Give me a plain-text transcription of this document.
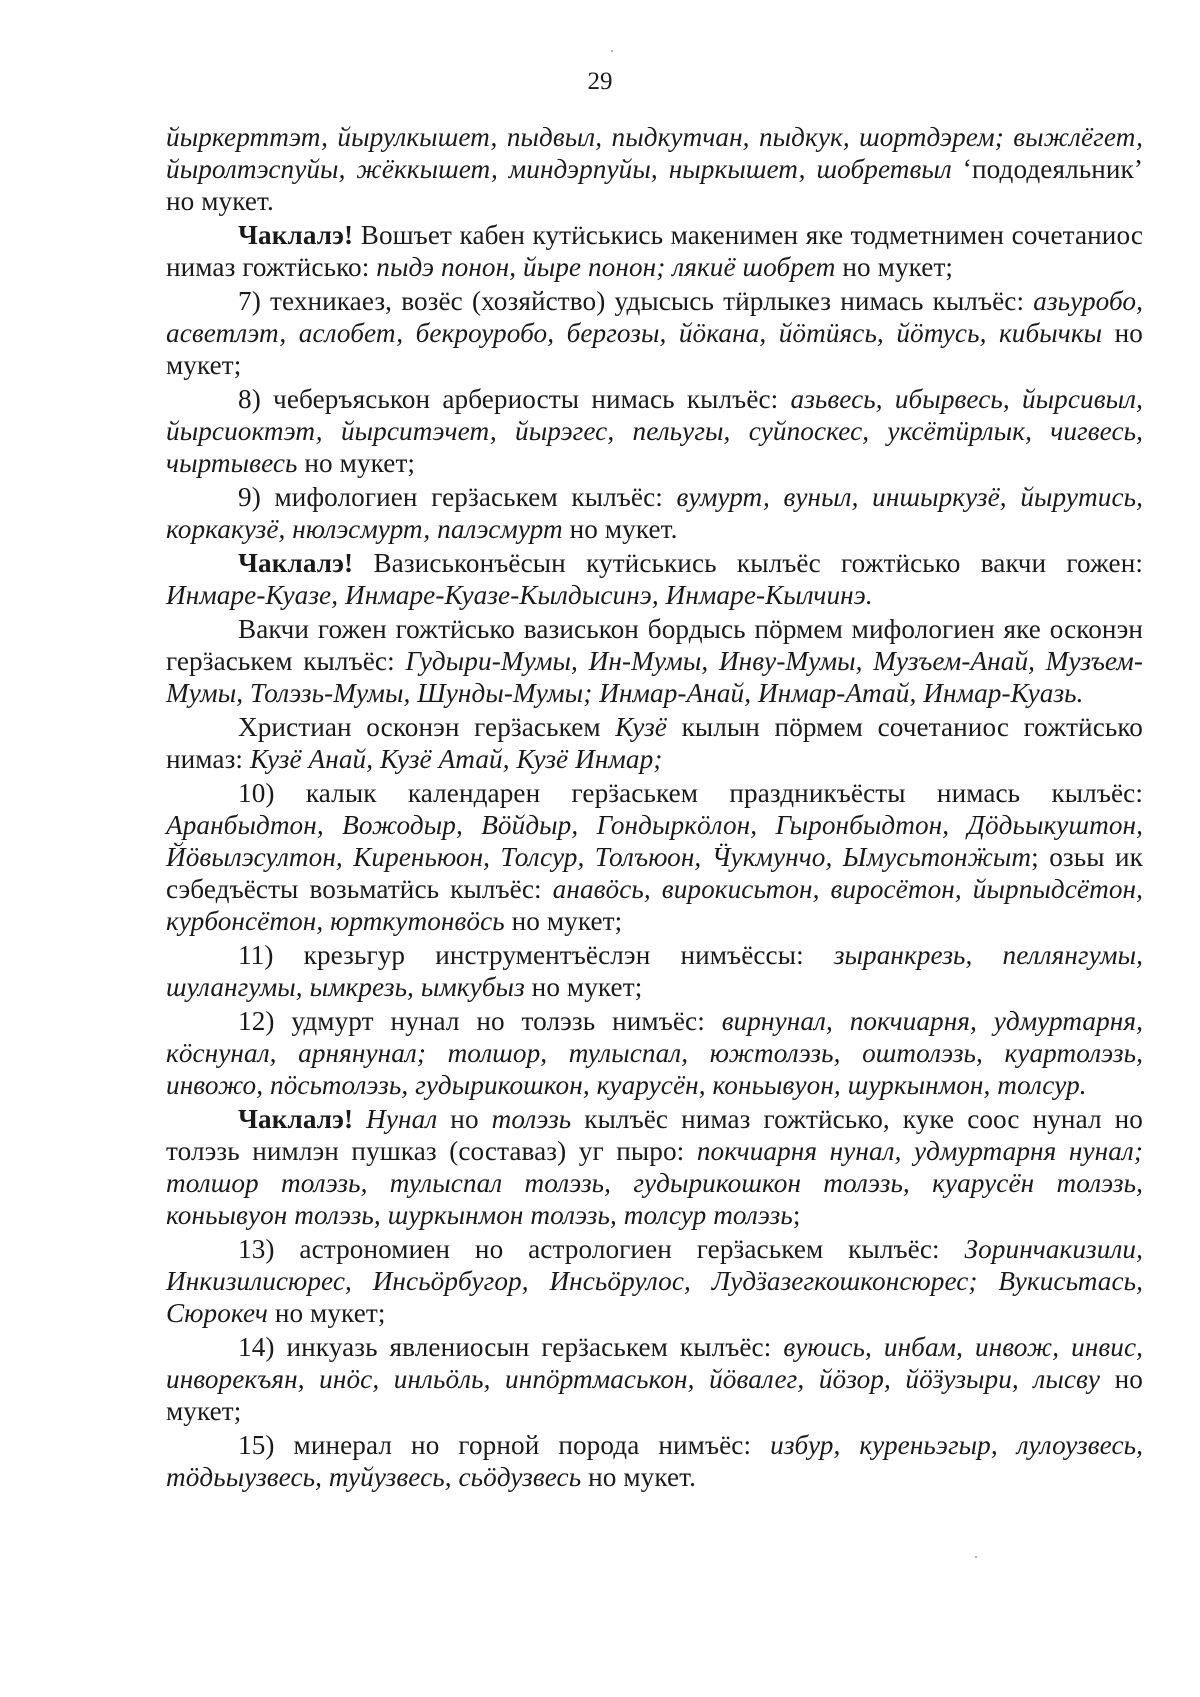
29

йыркерттэт, йырулкышет, пыдвыл, пыдкутчан, пыдкук, шортдэрем; выжлёгет, йыролтэспуйы, жёккышет, миндэрпуйы, ныркышет, шобретвыл ‘пододеяльник’ но мукет.

Чаклалэ! Вошъет кабен кутӥськись макенимен яке тодметнимен сочетаниос нимаз гожтӥсько: пыдэ понон, йыре понон; лякиё шобрет но мукет;

7) техникаез, возёс (хозяйство) удысысь тӥрлыкез нимась кылъёс: азьуробо, асветлэт, аслобет, бекроуробо, бергозы, йӧкана, йӧтӥясь, йӧтусь, кибычкы но мукет;

8) чеберъяськон арбериосты нимась кылъёс: азьвесь, ибырвесь, йырсивыл, йырсиоктэт, йырситэчет, йырэгес, пельугы, суйпоскес, уксётӥрлык, чигвесь, чыртывесь но мукет;

9) мифологиен герӟаськем кылъёс: вумурт, вуныл, иншыркузё, йырутись, коркакузё, нюлэсмурт, палэсмурт но мукет.

Чаклалэ! Вазиськонъёсын кутӥськись кылъёс гожтӥсько вакчи гожен: Инмаре-Куазе, Инмаре-Куазе-Кылдысинэ, Инмаре-Кылчинэ.

Вакчи гожен гожтӥсько вазиськон бордысь пӧрмем мифологиен яке осконэн герӟаськем кылъёс: Гудыри-Мумы, Ин-Мумы, Инву-Мумы, Музъем-Анай, Музъем-Мумы, Толэзь-Мумы, Шунды-Мумы; Инмар-Анай, Инмар-Атай, Инмар-Куазь.

Христиан осконэн герӟаськем Кузё кылын пӧрмем сочетаниос гожтӥсько нимаз: Кузё Анай, Кузё Атай, Кузё Инмар;

10) калык календарен герӟаськем праздникъёсты нимась кылъёс: Аранбыдтон, Вожодыр, Вӧйдыр, Гондыркӧлон, Гыронбыдтон, Дӧдьыкуштон, Йӧвылэсултон, Киреньюон, Толсур, Толъюон, Ӵукмунчо, Ымусьтонӝыт; озьы ик сэбедъёсты возьматӥсь кылъёс: анавӧсь, вирокисьтон, виросётон, йырпыдсётон, курбонсётон, юрткутонвӧсь но мукет;

11) крезьгур инструментъёслэн нимъёссы: зыранкрезь, пеллянгумы, шулангумы, ымкрезь, ымкубыз но мукет;

12) удмурт нунал но толэзь нимъёс: вирнунал, покчиарня, удмуртарня, кӧснунал, арнянунал; толшор, тулыспал, южтолэзь, оштолэзь, куартолэзь, инвожо, пӧсьтолэзь, гудырикошкон, куарусён, коньывуон, шуркынмон, толсур.

Чаклалэ! Нунал но толэзь кылъёс нимаз гожтӥсько, куке соос нунал но толэзь нимлэн пушказ (составаз) уг пыро: покчиарня нунал, удмуртарня нунал; толшор толэзь, тулыспал толэзь, гудырикошкон толэзь, куарусён толэзь, коньывуон толэзь, шуркынмон толэзь, толсур толэзь;

13) астрономиен но астрологиен герӟаськем кылъёс: Зоринчакизили, Инкизилисюрес, Инсьӧрбугор, Инсьӧрулос, Лудӟазегкошконсюрес; Вукисьтась, Сюрокеч но мукет;

14) инкуазь явлениосын герӟаськем кылъёс: вуюись, инбам, инвож, инвис, инворекъян, инӧс, инльӧль, инпӧртмаськон, йӧвалег, йӧзор, йӧӟузыри, лысву но мукет;

15) минерал но горной порода нимъёс: избур, куреньэгыр, лулоузвесь, тӧдьыузвесь, туйузвесь, сьӧдузвесь но мукет.
